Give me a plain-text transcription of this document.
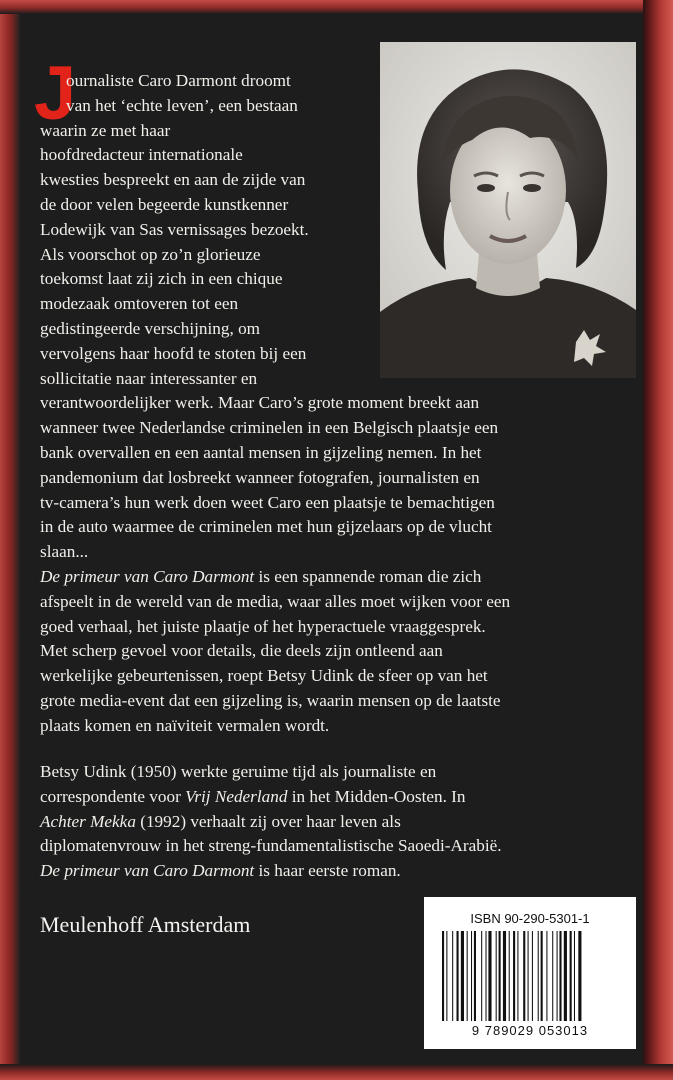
J
ournaliste Caro Darmont droomt
van het ‘echte leven’, een bestaan
waarin ze met haar
hoofdredacteur internationale
kwesties bespreekt en aan de zijde van
de door velen begeerde kunstkenner
Lodewijk van Sas vernissages bezoekt.
Als voorschot op zo’n glorieuze
toekomst laat zij zich in een chique
modezaak omtoveren tot een
gedistingeerde verschijning, om
vervolgens haar hoofd te stoten bij een
sollicitatie naar interessanter en
verantwoordelijker werk. Maar Caro’s grote moment breekt aan
wanneer twee Nederlandse criminelen in een Belgisch plaatsje een
bank overvallen en een aantal mensen in gijzeling nemen. In het
pandemonium dat losbreekt wanneer fotografen, journalisten en
tv-camera’s hun werk doen weet Caro een plaatsje te bemachtigen
in de auto waarmee de criminelen met hun gijzelaars op de vlucht
slaan...
De primeur van Caro Darmont is een spannende roman die zich
afspeelt in de wereld van de media, waar alles moet wijken voor een
goed verhaal, het juiste plaatje of het hyperactuele vraaggesprek.
Met scherp gevoel voor details, die deels zijn ontleend aan
werkelijke gebeurtenissen, roept Betsy Udink de sfeer op van het
grote media-event dat een gijzeling is, waarin mensen op de laatste
plaats komen en naïviteit vermalen wordt.
Betsy Udink (1950) werkte geruime tijd als journaliste en
correspondente voor Vrij Nederland in het Midden-Oosten. In
Achter Mekka (1992) verhaalt zij over haar leven als
diplomatenvrouw in het streng-fundamentalistische Saoedi-Arabië.
De primeur van Caro Darmont is haar eerste roman.
Meulenhoff Amsterdam	ISBN 90-290-5301-1
9 789029 053013
